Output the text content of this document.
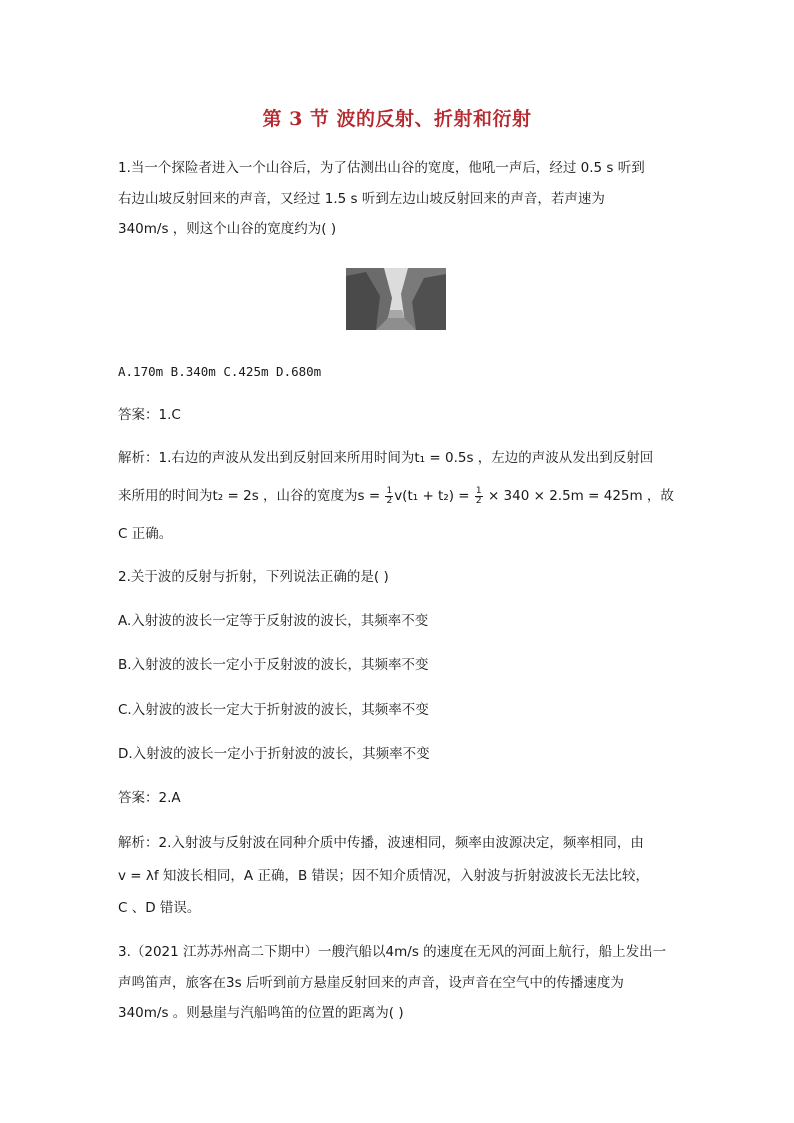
第 3 节 波的反射、折射和衍射
1.当一个探险者进入一个山谷后，为了估测出山谷的宽度，他吼一声后，经过 0.5 s 听到
右边山坡反射回来的声音，又经过 1.5 s 听到左边山坡反射回来的声音，若声速为
340m/s ，则这个山谷的宽度约为( )
A.170m B.340m C.425m D.680m
答案：1.C
解析：1.右边的声波从发出到反射回来所用时间为t₁ = 0.5s ，左边的声波从发出到反射回
来所用的时间为t₂ = 2s ，山谷的宽度为$s = \frac{1}{2} v(t_1 + t_2) = \frac{1}{2} \times 340 \times 2.5m = 425m$ ，故
C 正确。
2.关于波的反射与折射，下列说法正确的是( )
A.入射波的波长一定等于反射波的波长，其频率不变
B.入射波的波长一定小于反射波的波长，其频率不变
C.入射波的波长一定大于折射波的波长，其频率不变
D.入射波的波长一定小于折射波的波长，其频率不变
答案：2.A
解析：2.入射波与反射波在同种介质中传播，波速相同，频率由波源决定，频率相同，由
v = λf 知波长相同，A 正确，B 错误；因不知介质情况，入射波与折射波波长无法比较，
C 、D 错误。
3.（2021 江苏苏州高二下期中）一艘汽船以4m/s 的速度在无风的河面上航行，船上发出一
声鸣笛声，旅客在3s 后听到前方悬崖反射回来的声音，设声音在空气中的传播速度为
340m/s 。则悬崖与汽船鸣笛的位置的距离为( )
